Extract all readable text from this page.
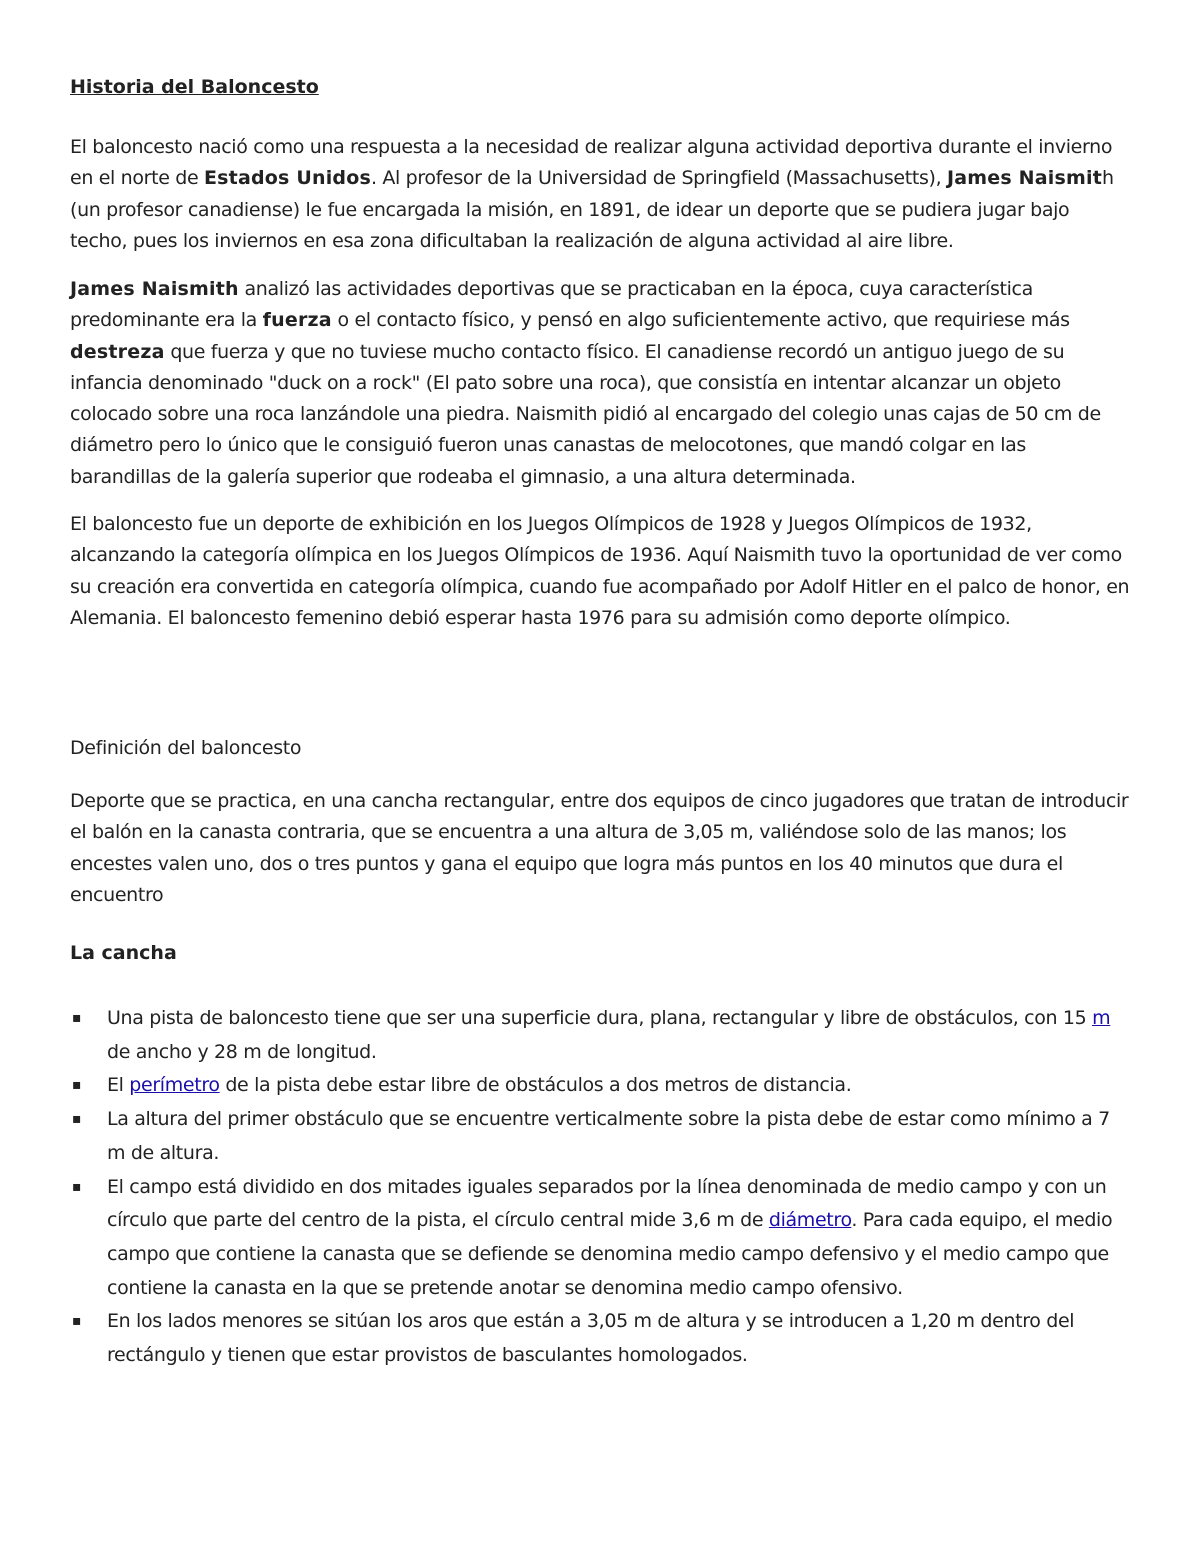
Historia del Baloncesto

El baloncesto nació como una respuesta a la necesidad de realizar alguna actividad deportiva durante el invierno en el norte de Estados Unidos. Al profesor de la Universidad de Springfield (Massachusetts), James Naismith (un profesor canadiense) le fue encargada la misión, en 1891, de idear un deporte que se pudiera jugar bajo techo, pues los inviernos en esa zona dificultaban la realización de alguna actividad al aire libre.

James Naismith analizó las actividades deportivas que se practicaban en la época, cuya característica predominante era la fuerza o el contacto físico, y pensó en algo suficientemente activo, que requiriese más destreza que fuerza y que no tuviese mucho contacto físico. El canadiense recordó un antiguo juego de su infancia denominado "duck on a rock" (El pato sobre una roca), que consistía en intentar alcanzar un objeto colocado sobre una roca lanzándole una piedra. Naismith pidió al encargado del colegio unas cajas de 50 cm de diámetro pero lo único que le consiguió fueron unas canastas de melocotones, que mandó colgar en las barandillas de la galería superior que rodeaba el gimnasio, a una altura determinada.

El baloncesto fue un deporte de exhibición en los Juegos Olímpicos de 1928 y Juegos Olímpicos de 1932, alcanzando la categoría olímpica en los Juegos Olímpicos de 1936. Aquí Naismith tuvo la oportunidad de ver como su creación era convertida en categoría olímpica, cuando fue acompañado por Adolf Hitler en el palco de honor, en Alemania. El baloncesto femenino debió esperar hasta 1976 para su admisión como deporte olímpico.

Definición del baloncesto

Deporte que se practica, en una cancha rectangular, entre dos equipos de cinco jugadores que tratan de introducir el balón en la canasta contraria, que se encuentra a una altura de 3,05 m, valiéndose solo de las manos; los encestes valen uno, dos o tres puntos y gana el equipo que logra más puntos en los 40 minutos que dura el encuentro

La cancha
▪ Una pista de baloncesto tiene que ser una superficie dura, plana, rectangular y libre de obstáculos, con 15 m de ancho y 28 m de longitud.
▪ El perímetro de la pista debe estar libre de obstáculos a dos metros de distancia.
▪ La altura del primer obstáculo que se encuentre verticalmente sobre la pista debe de estar como mínimo a 7 m de altura.
▪ El campo está dividido en dos mitades iguales separados por la línea denominada de medio campo y con un círculo que parte del centro de la pista, el círculo central mide 3,6 m de diámetro. Para cada equipo, el medio campo que contiene la canasta que se defiende se denomina medio campo defensivo y el medio campo que contiene la canasta en la que se pretende anotar se denomina medio campo ofensivo.
▪ En los lados menores se sitúan los aros que están a 3,05 m de altura y se introducen a 1,20 m dentro del rectángulo y tienen que estar provistos de basculantes homologados.
